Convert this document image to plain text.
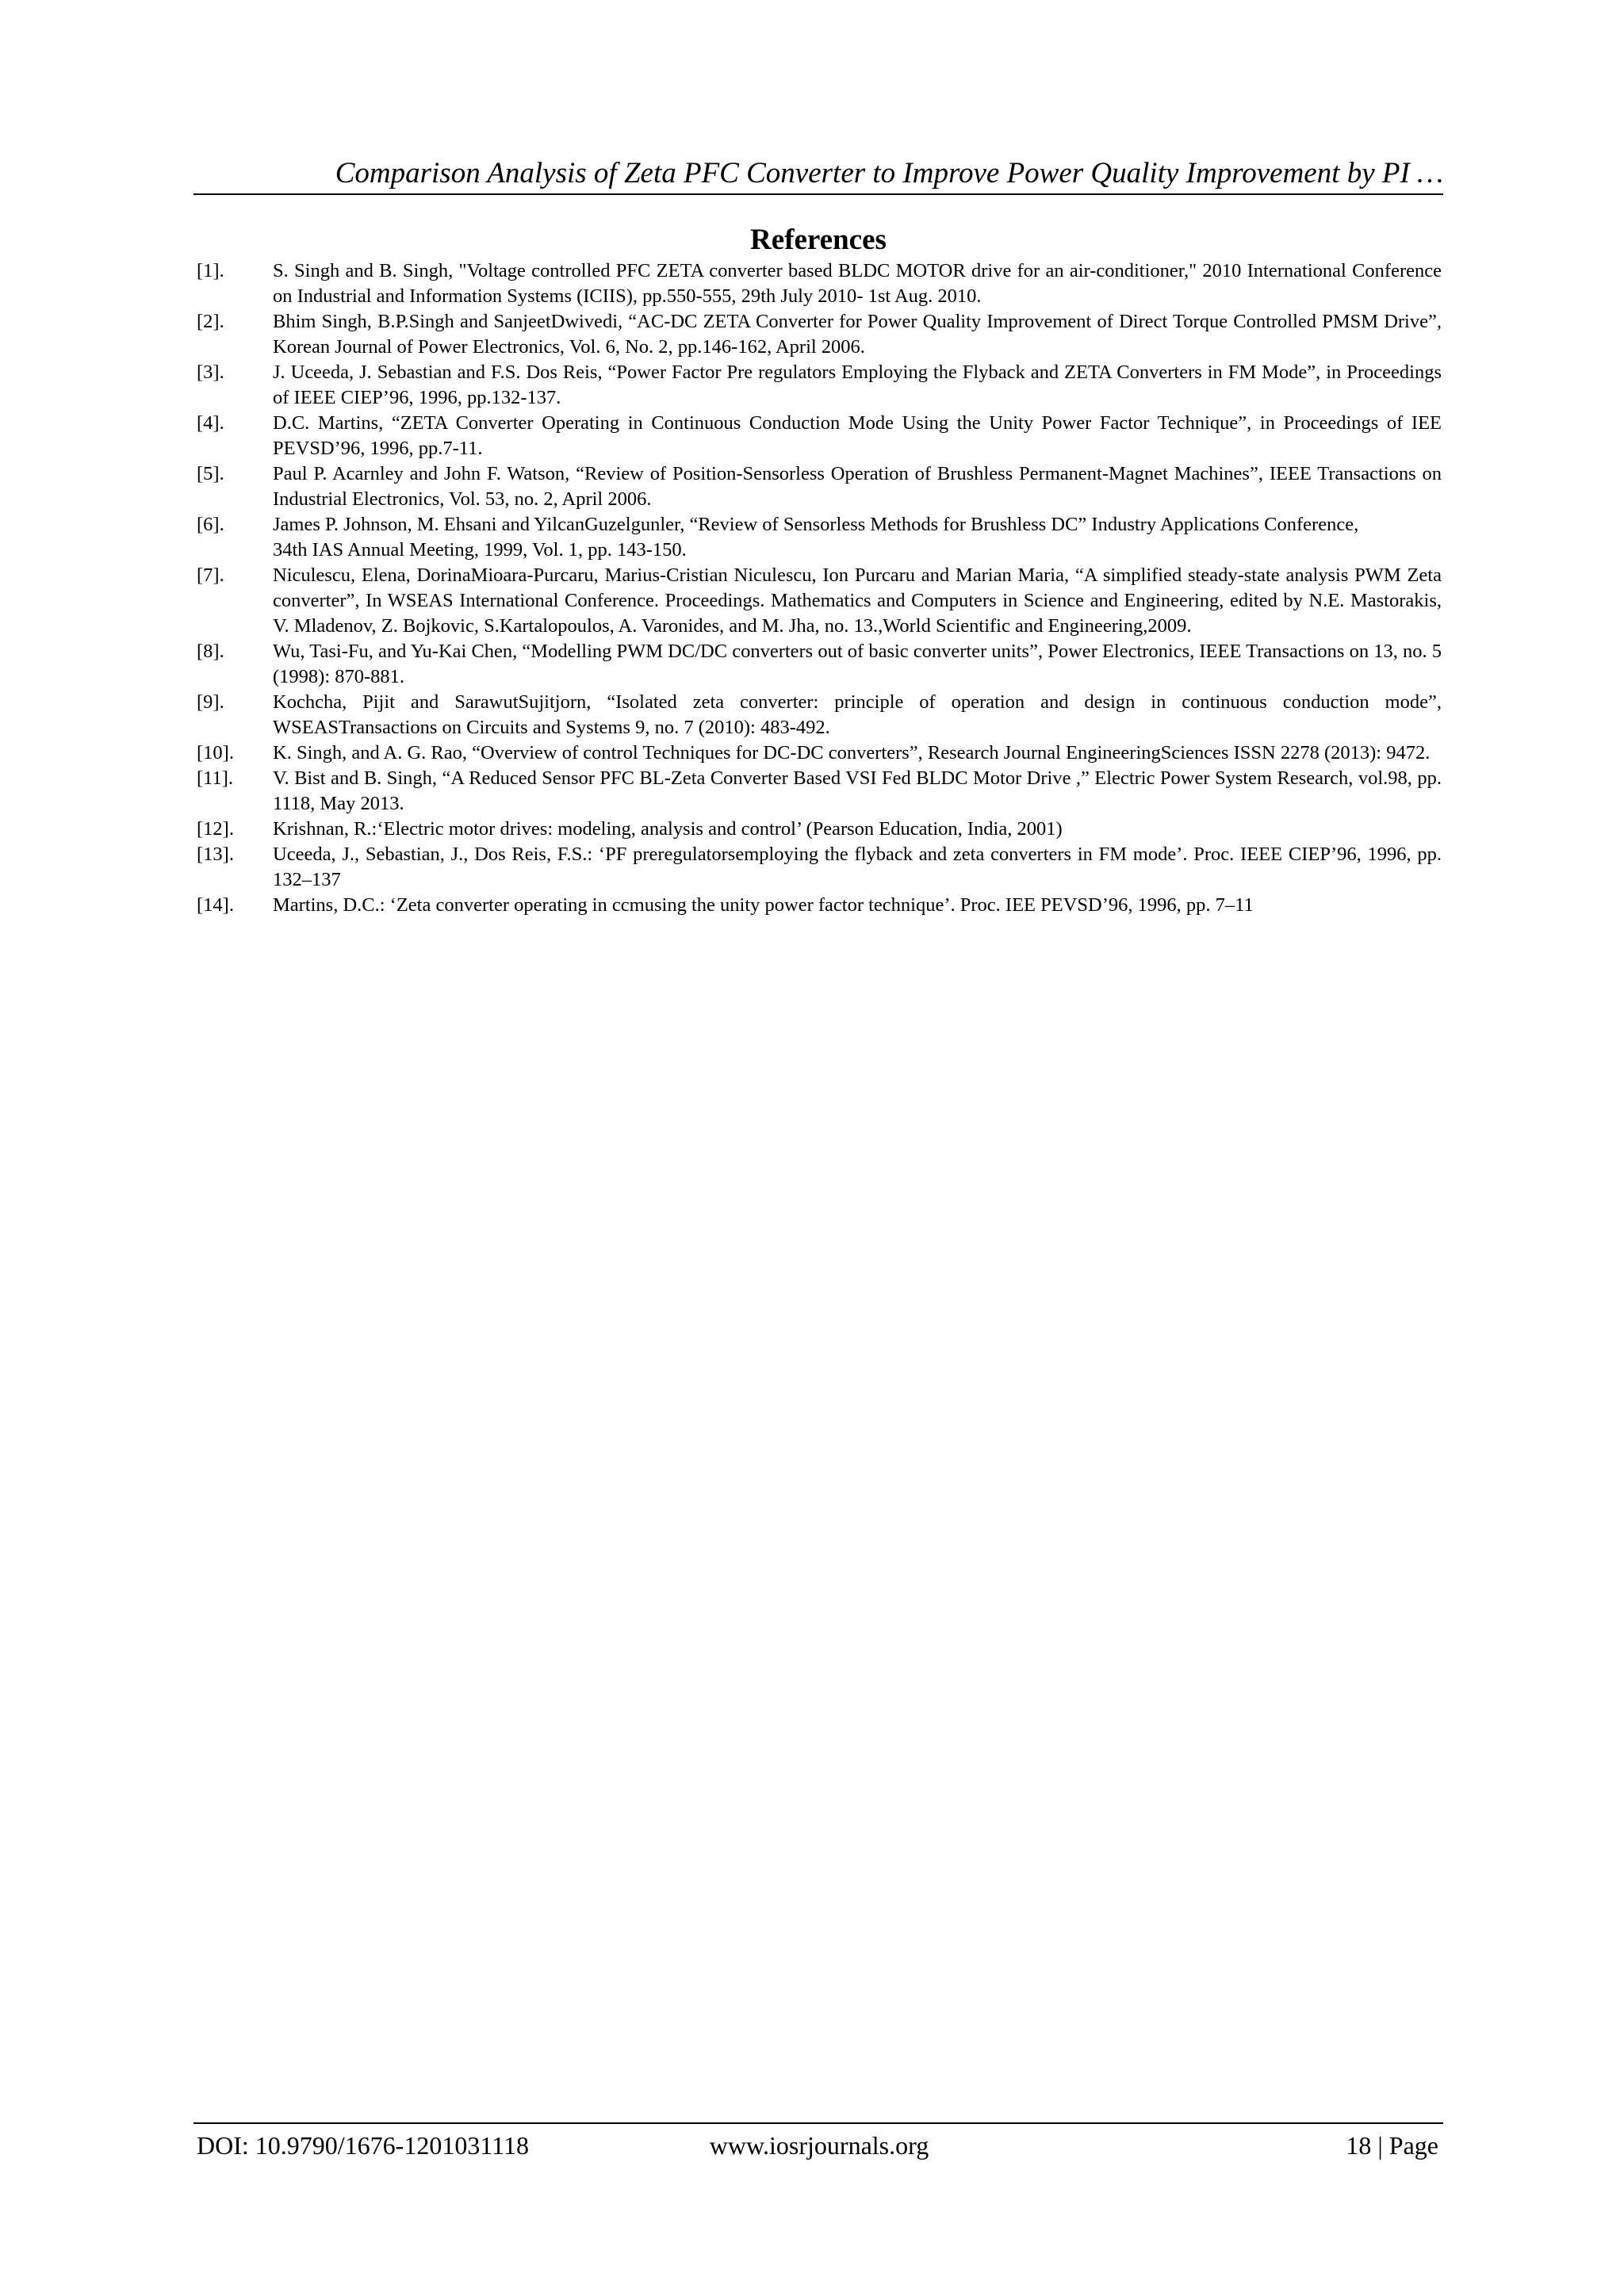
Comparison Analysis of Zeta PFC Converter to Improve Power Quality Improvement by PI …
References
[1].	S. Singh and B. Singh, "Voltage controlled PFC ZETA converter based BLDC MOTOR drive for an air-conditioner," 2010 International Conference on Industrial and Information Systems (ICIIS), pp.550-555, 29th July 2010- 1st Aug. 2010.
[2].	Bhim Singh, B.P.Singh and SanjeetDwivedi, “AC-DC ZETA Converter for Power Quality Improvement of Direct Torque Controlled PMSM Drive”, Korean Journal of Power Electronics, Vol. 6, No. 2, pp.146-162, April 2006.
[3].	J. Uceeda, J. Sebastian and F.S. Dos Reis, “Power Factor Pre regulators Employing the Flyback and ZETA Converters in FM Mode”, in Proceedings of IEEE CIEP’96, 1996, pp.132-137.
[4].	D.C. Martins, “ZETA Converter Operating in Continuous Conduction Mode Using the Unity Power Factor Technique”, in Proceedings of IEE PEVSD’96, 1996, pp.7-11.
[5].	Paul P. Acarnley and John F. Watson, “Review of Position-Sensorless Operation of Brushless Permanent-Magnet Machines”, IEEE Transactions on Industrial Electronics, Vol. 53, no. 2, April 2006.
[6].	James P. Johnson, M. Ehsani and YilcanGuzelgunler, “Review of Sensorless Methods for Brushless DC” Industry Applications Conference,
34th IAS Annual Meeting, 1999, Vol. 1, pp. 143-150.
[7].	Niculescu, Elena, DorinaMioara-Purcaru, Marius-Cristian Niculescu, Ion Purcaru and Marian Maria, “A simplified steady-state analysis PWM Zeta converter”, In WSEAS International Conference. Proceedings. Mathematics and Computers in Science and Engineering, edited by N.E. Mastorakis, V. Mladenov, Z. Bojkovic, S.Kartalopoulos, A. Varonides, and M. Jha, no. 13.,World Scientific and Engineering,2009.
[8].	Wu, Tasi-Fu, and Yu-Kai Chen, “Modelling PWM DC/DC converters out of basic converter units”, Power Electronics, IEEE Transactions on 13, no. 5 (1998): 870-881.
[9].	Kochcha, Pijit and SarawutSujitjorn, “Isolated zeta converter: principle of operation and design in continuous conduction mode”, WSEASTransactions on Circuits and Systems 9, no. 7 (2010): 483-492.
[10].	K. Singh, and A. G. Rao, “Overview of control Techniques for DC-DC converters”, Research Journal EngineeringSciences ISSN 2278 (2013): 9472.
[11].	V. Bist and B. Singh, “A Reduced Sensor PFC BL-Zeta Converter Based VSI Fed BLDC Motor Drive ,” Electric Power System Research, vol.98, pp. 1118, May 2013.
[12].	Krishnan, R.:‘Electric motor drives: modeling, analysis and control’ (Pearson Education, India, 2001)
[13].	Uceeda, J., Sebastian, J., Dos Reis, F.S.: ‘PF preregulatorsemploying the flyback and zeta converters in FM mode’. Proc. IEEE CIEP’96, 1996, pp. 132–137
[14].	Martins, D.C.: ‘Zeta converter operating in ccmusing the unity power factor technique’. Proc. IEE PEVSD’96, 1996, pp. 7–11
DOI: 10.9790/1676-1201031118	www.iosrjournals.org	18 | Page
